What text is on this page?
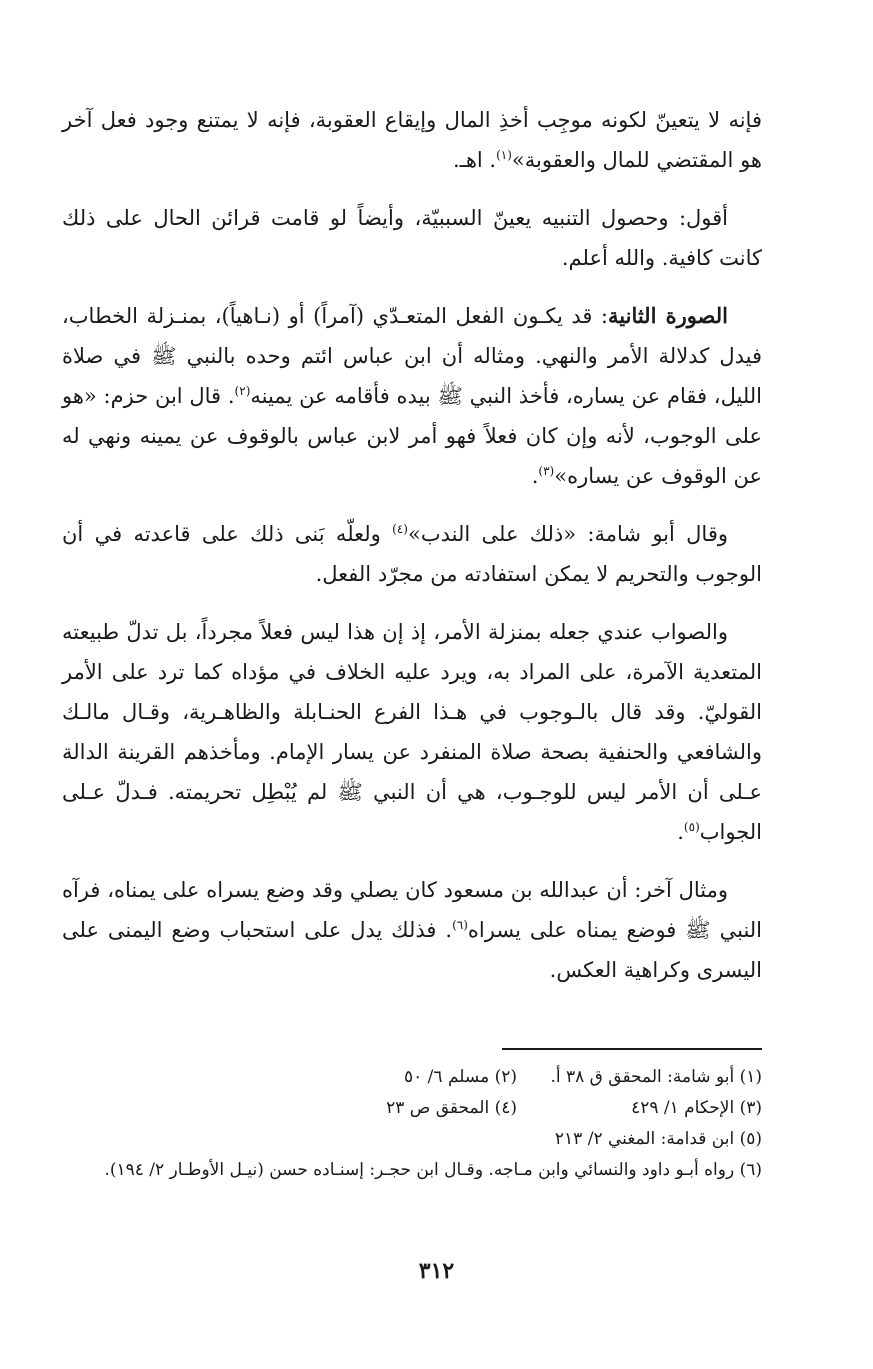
فإنه لا يتعينّ لكونه موجِب أخذِ المال وإيقاع العقوبة، فإنه لا يمتنع وجود فعل آخر هو المقتضي للمال والعقوبة»$^{(١)}$. اهـ.

أقول: وحصول التنبيه يعينّ السببيّة، وأيضاً لو قامت قرائن الحال على ذلك كانت كافية. والله أعلم.

الصورة الثانية: قد يكـون الفعل المتعـدّي (آمراً) أو (نـاهياً)، بمنـزلة الخطاب، فيدل كدلالة الأمر والنهي. ومثاله أن ابن عباس ائتم وحده بالنبي ﷺ في صلاة الليل، فقام عن يساره، فأخذ النبي ﷺ بيده فأقامه عن يمينه$^{(٢)}$. قال ابن حزم: «هو على الوجوب، لأنه وإن كان فعلاً فهو أمر لابن عباس بالوقوف عن يمينه ونهي له عن الوقوف عن يساره»$^{(٣)}$.

وقال أبو شامة: «ذلك على الندب»$^{(٤)}$ ولعلّه بَنى ذلك على قاعدته في أن الوجوب والتحريم لا يمكن استفادته من مجرّد الفعل.

والصواب عندي جعله بمنزلة الأمر، إذ إن هذا ليس فعلاً مجرداً، بل تدلّ طبيعته المتعدية الآمرة، على المراد به، ويرد عليه الخلاف في مؤداه كما ترد على الأمر القوليّ. وقد قال بالـوجوب في هـذا الفرع الحنـابلة والظاهـرية، وقـال مالـك والشافعي والحنفية بصحة صلاة المنفرد عن يسار الإمام. ومأخذهم القرينة الدالة عـلى أن الأمر ليس للوجـوب، هي أن النبي ﷺ لم يُبْطِل تحريمته. فـدلّ عـلى الجواب$^{(٥)}$.

ومثال آخر: أن عبدالله بن مسعود كان يصلي وقد وضع يسراه على يمناه، فرآه النبي ﷺ فوضع يمناه على يسراه$^{(٦)}$. فذلك يدل على استحباب وضع اليمنى على اليسرى وكراهية العكس.

(١) أبو شامة: المحقق ق ٣٨ أ.
(٢) مسلم ٦/ ٥٠
(٣) الإحكام ١/ ٤٢٩
(٤) المحقق ص ٢٣
(٥) ابن قدامة: المغني ٢/ ٢١٣
(٦) رواه أبـو داود والنسائي وابن مـاجه. وقـال ابن حجـر: إسنـاده حسن (نيـل الأوطـار ٢/ ١٩٤).
٣١٢
